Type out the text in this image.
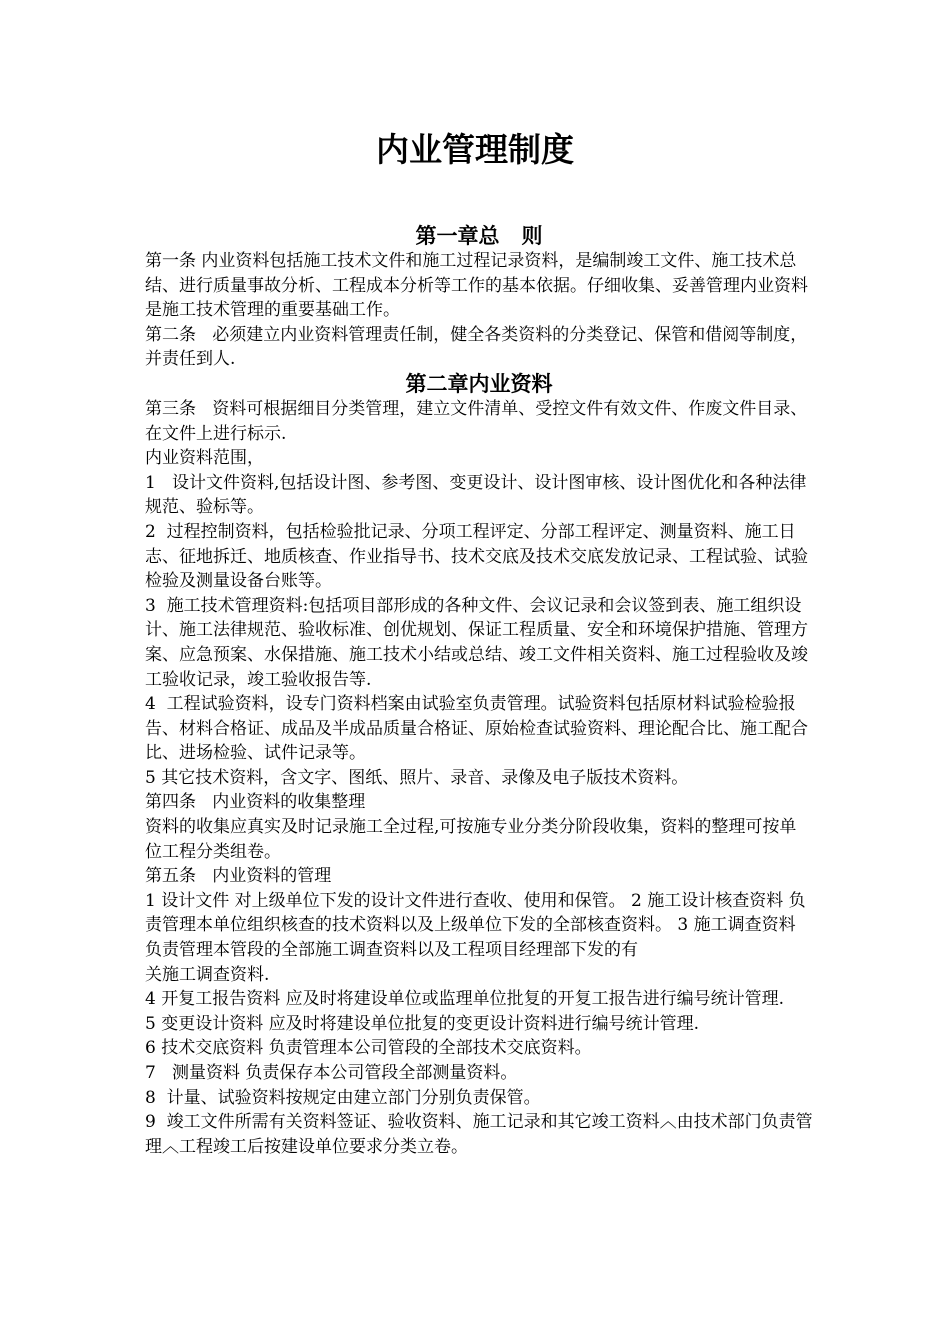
内业管理制度
第一章总   则

第一条 内业资料包括施工技术文件和施工过程记录资料，是编制竣工文件、施工技术总结、进行质量事故分析、工程成本分析等工作的基本依据。仔细收集、妥善管理内业资料是施工技术管理的重要基础工作。

第二条   必须建立内业资料管理责任制，健全各类资料的分类登记、保管和借阅等制度，并责任到人.

第二章内业资料

第三条   资料可根据细目分类管理，建立文件清单、受控文件有效文件、作废文件目录、在文件上进行标示.

内业资料范围，

1   设计文件资料,包括设计图、参考图、变更设计、设计图审核、设计图优化和各种法律规范、验标等。

2  过程控制资料，包括检验批记录、分项工程评定、分部工程评定、测量资料、施工日志、征地拆迁、地质核查、作业指导书、技术交底及技术交底发放记录、工程试验、试验检验及测量设备台账等。

3  施工技术管理资料:包括项目部形成的各种文件、会议记录和会议签到表、施工组织设计、施工法律规范、验收标准、创优规划、保证工程质量、安全和环境保护措施、管理方案、应急预案、水保措施、施工技术小结或总结、竣工文件相关资料、施工过程验收及竣工验收记录，竣工验收报告等.

4  工程试验资料，设专门资料档案由试验室负责管理。试验资料包括原材料试验检验报告、材料合格证、成品及半成品质量合格证、原始检查试验资料、理论配合比、施工配合比、进场检验、试件记录等。

5 其它技术资料，含文字、图纸、照片、录音、录像及电子版技术资料。

第四条   内业资料的收集整理

资料的收集应真实及时记录施工全过程,可按施专业分类分阶段收集，资料的整理可按单位工程分类组卷。

第五条   内业资料的管理

1 设计文件 对上级单位下发的设计文件进行查收、使用和保管。 2 施工设计核查资料 负责管理本单位组织核查的技术资料以及上级单位下发的全部核查资料。 3 施工调查资料 负责管理本管段的全部施工调查资料以及工程项目经理部下发的有

关施工调查资料.

4 开复工报告资料 应及时将建设单位或监理单位批复的开复工报告进行编号统计管理.

5 变更设计资料 应及时将建设单位批复的变更设计资料进行编号统计管理.

6 技术交底资料 负责管理本公司管段的全部技术交底资料。

7   测量资料 负责保存本公司管段全部测量资料。

8  计量、试验资料按规定由建立部门分别负责保管。

9  竣工文件所需有关资料签证、验收资料、施工记录和其它竣工资料︿由技术部门负责管理︿工程竣工后按建设单位要求分类立卷。
